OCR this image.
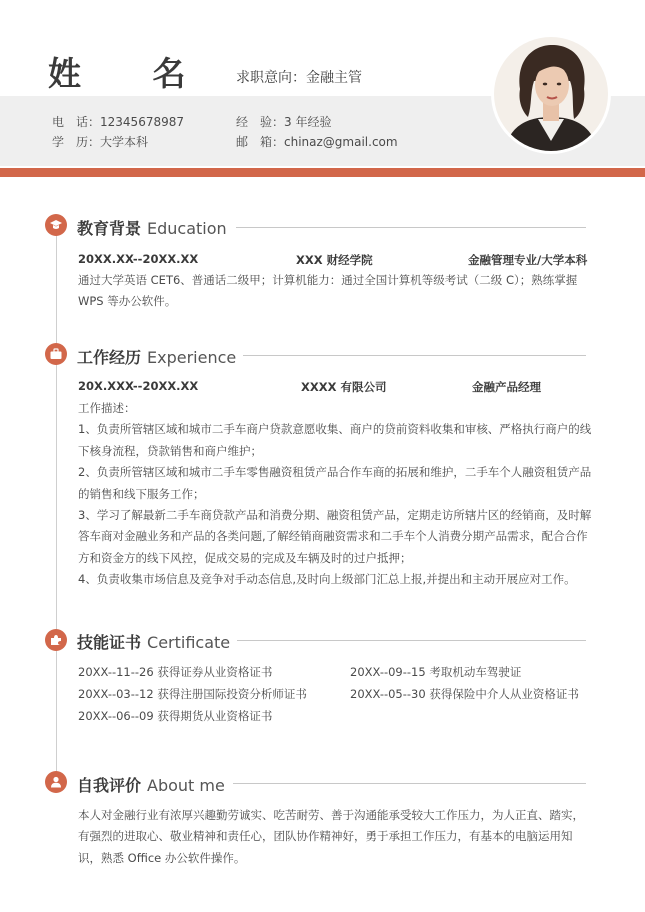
姓 名 求职意向：金融主管
电　话：12345678987
学　历：大学本科
经　验：3 年经验
邮　箱：chinaz@gmail.com
教育背景 Education
20XX.XX--20XX.XX	XXX 财经学院	金融管理专业/大学本科
通过大学英语 CET6、普通话二级甲；计算机能力：通过全国计算机等级考试（二级 C）；熟练掌握 WPS 等办公软件。
工作经历 Experience
20X.XXX--20XX.XX	XXXX 有限公司	金融产品经理
工作描述：
1、负责所管辖区域和城市二手车商户贷款意愿收集、商户的贷前资料收集和审核、严格执行商户的线下核身流程，贷款销售和商户维护；
2、负责所管辖区域和城市二手车零售融资租赁产品合作车商的拓展和维护，二手车个人融资租赁产品的销售和线下服务工作；
3、学习了解最新二手车商贷款产品和消费分期、融资租赁产品，定期走访所辖片区的经销商，及时解答车商对金融业务和产品的各类问题,了解经销商融资需求和二手车个人消费分期产品需求，配合合作方和资金方的线下风控，促成交易的完成及车辆及时的过户抵押；
4、负责收集市场信息及竞争对手动态信息,及时向上级部门汇总上报,并提出和主动开展应对工作。
技能证书 Certificate
20XX--11--26 获得证券从业资格证书	20XX--09--15 考取机动车驾驶证
20XX--03--12 获得注册国际投资分析师证书	20XX--05--30 获得保险中介人从业资格证书
20XX--06--09 获得期货从业资格证书
自我评价 About me
本人对金融行业有浓厚兴趣勤劳诚实、吃苦耐劳、善于沟通能承受较大工作压力，为人正直、踏实，有强烈的进取心、敬业精神和责任心，团队协作精神好，勇于承担工作压力，有基本的电脑运用知识，熟悉 Office 办公软件操作。
